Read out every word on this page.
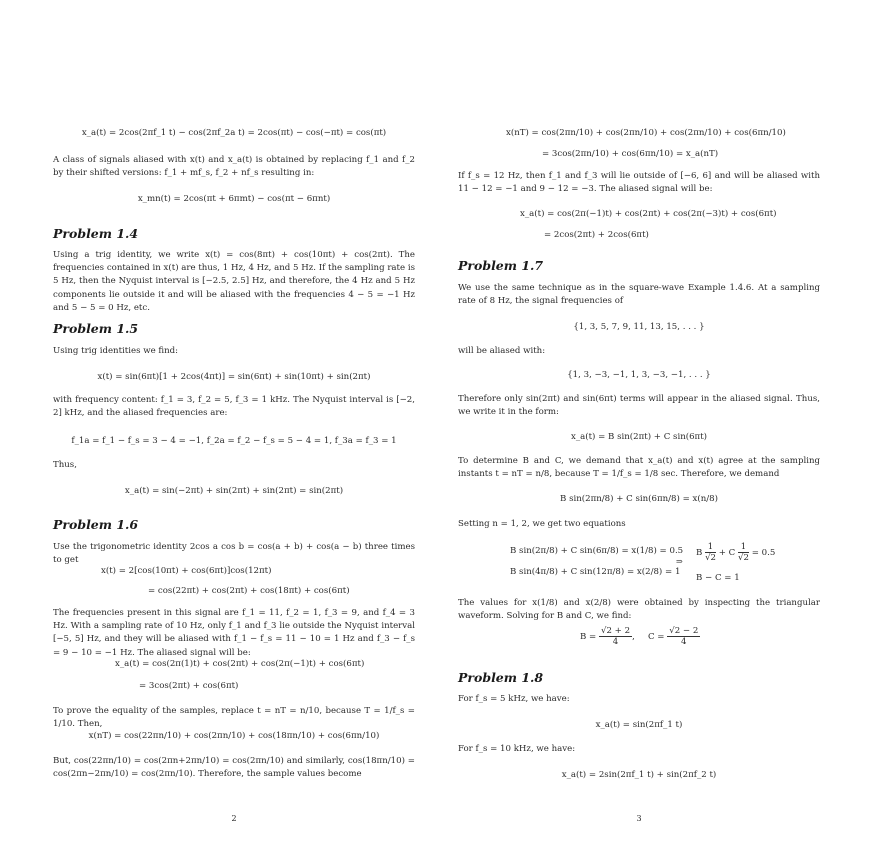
x_a(t) = 2cos(2πf_1 t) − cos(2πf_2a t) = 2cos(πt) − cos(−πt) = cos(πt)
A class of signals aliased with x(t) and x_a(t) is obtained by replacing f_1 and f_2 by their shifted versions: f_1 + mf_s, f_2 + nf_s resulting in:
x_mn(t) = 2cos(πt + 6πmt) − cos(πt − 6πnt)
Problem 1.4
Using a trig identity, we write x(t) = cos(8πt) + cos(10πt) + cos(2πt). The frequencies contained in x(t) are thus, 1 Hz, 4 Hz, and 5 Hz. If the sampling rate is 5 Hz, then the Nyquist interval is [−2.5, 2.5] Hz, and therefore, the 4 Hz and 5 Hz components lie outside it and will be aliased with the frequencies 4 − 5 = −1 Hz and 5 − 5 = 0 Hz, etc.
Problem 1.5
Using trig identities we find:
x(t) = sin(6πt)[1 + 2cos(4πt)] = sin(6πt) + sin(10πt) + sin(2πt)
with frequency content: f_1 = 3, f_2 = 5, f_3 = 1 kHz. The Nyquist interval is [−2, 2] kHz, and the aliased frequencies are:
f_1a = f_1 − f_s = 3 − 4 = −1, f_2a = f_2 − f_s = 5 − 4 = 1, f_3a = f_3 = 1
Thus,
x_a(t) = sin(−2πt) + sin(2πt) + sin(2πt) = sin(2πt)
Problem 1.6
Use the trigonometric identity 2cos a cos b = cos(a + b) + cos(a − b) three times to get
x(t) = 2[cos(10πt) + cos(6πt)]cos(12πt)
= cos(22πt) + cos(2πt) + cos(18πt) + cos(6πt)
The frequencies present in this signal are f_1 = 11, f_2 = 1, f_3 = 9, and f_4 = 3 Hz. With a sampling rate of 10 Hz, only f_1 and f_3 lie outside the Nyquist interval [−5, 5] Hz, and they will be aliased with f_1 − f_s = 11 − 10 = 1 Hz and f_3 − f_s = 9 − 10 = −1 Hz. The aliased signal will be:
x_a(t) = cos(2π(1)t) + cos(2πt) + cos(2π(−1)t) + cos(6πt)
= 3cos(2πt) + cos(6πt)
To prove the equality of the samples, replace t = nT = n/10, because T = 1/f_s = 1/10. Then,
x(nT) = cos(22πn/10) + cos(2πn/10) + cos(18πn/10) + cos(6πn/10)
But, cos(22πn/10) = cos(2πn+2πn/10) = cos(2πn/10) and similarly, cos(18πn/10) = cos(2πn−2πn/10) = cos(2πn/10). Therefore, the sample values become
2
x(nT) = cos(2πn/10) + cos(2πn/10) + cos(2πn/10) + cos(6πn/10)
= 3cos(2πn/10) + cos(6πn/10) = x_a(nT)
If f_s = 12 Hz, then f_1 and f_3 will lie outside of [−6, 6] and will be aliased with 11 − 12 = −1 and 9 − 12 = −3. The aliased signal will be:
x_a(t) = cos(2π(−1)t) + cos(2πt) + cos(2π(−3)t) + cos(6πt)
= 2cos(2πt) + 2cos(6πt)
Problem 1.7
We use the same technique as in the square-wave Example 1.4.6. At a sampling rate of 8 Hz, the signal frequencies of
{1, 3, 5, 7, 9, 11, 13, 15, . . . }
will be aliased with:
{1, 3, −3, −1, 1, 3, −3, −1, . . . }
Therefore only sin(2πt) and sin(6πt) terms will appear in the aliased signal. Thus, we write it in the form:
x_a(t) = B sin(2πt) + C sin(6πt)
To determine B and C, we demand that x_a(t) and x(t) agree at the sampling instants t = nT = n/8, because T = 1/f_s = 1/8 sec. Therefore, we demand
B sin(2πn/8) + C sin(6πn/8) = x(n/8)
Setting n = 1, 2, we get two equations
B sin(2π/8) + C sin(6π/8) = x(1/8) = 0.5
B sin(4π/8) + C sin(12π/8) = x(2/8) = 1
⇒
B $\frac{1}{√2} + C \frac{1}{√2} = 0.5$
B − C = 1
The values for x(1/8) and x(2/8) were obtained by inspecting the triangular waveform. Solving for B and C, we find:
$B = \frac{√2 + 2}{4}$ , $C = \frac{√2 - 2}{4}$
Problem 1.8
For f_s = 5 kHz, we have:
x_a(t) = sin(2πf_1 t)
For f_s = 10 kHz, we have:
x_a(t) = 2sin(2πf_1 t) + sin(2πf_2 t)
3
